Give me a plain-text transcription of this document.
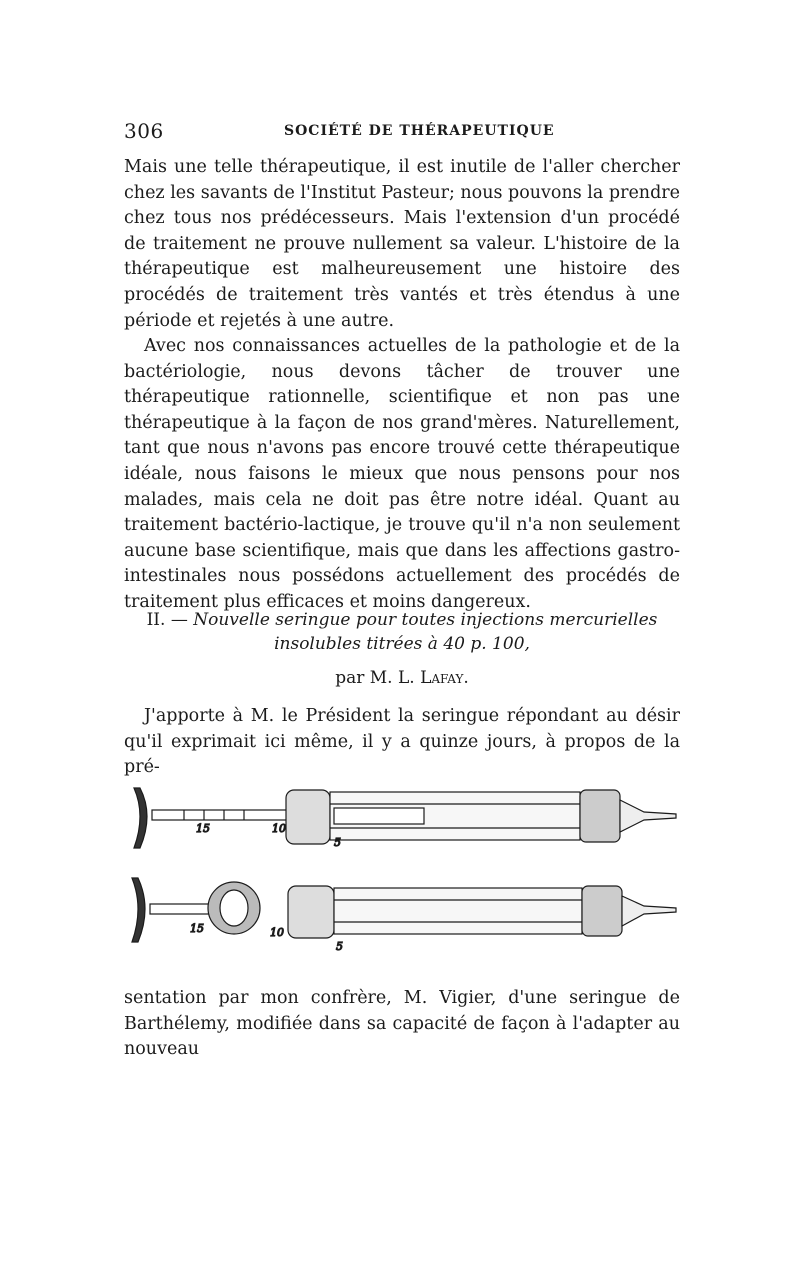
306	SOCIÉTÉ DE THÉRAPEUTIQUE

Mais une telle thérapeutique, il est inutile de l'aller chercher chez les savants de l'Institut Pasteur; nous pouvons la prendre chez tous nos prédécesseurs. Mais l'extension d'un procédé de traitement ne prouve nullement sa valeur. L'histoire de la thérapeutique est malheureusement une histoire des procédés de traitement très vantés et très étendus à une période et rejetés à une autre.

Avec nos connaissances actuelles de la pathologie et de la bactériologie, nous devons tâcher de trouver une thérapeutique rationnelle, scientifique et non pas une thérapeutique à la façon de nos grand'mères. Naturellement, tant que nous n'avons pas encore trouvé cette thérapeutique idéale, nous faisons le mieux que nous pensons pour nos malades, mais cela ne doit pas être notre idéal. Quant au traitement bactério-lactique, je trouve qu'il n'a non seulement aucune base scientifique, mais que dans les affections gastro-intestinales nous possédons actuellement des procédés de traitement plus efficaces et moins dangereux.

II. — Nouvelle seringue pour toutes injections mercurielles
insolubles titrées à 40 p. 100,
par M. L. Lafay.

J'apporte à M. le Président la seringue répondant au désir qu'il exprimait ici même, il y a quinze jours, à propos de la pré-

15	10
5
15	10
5

sentation par mon confrère, M. Vigier, d'une seringue de Barthélemy, modifiée dans sa capacité de façon à l'adapter au nouveau
